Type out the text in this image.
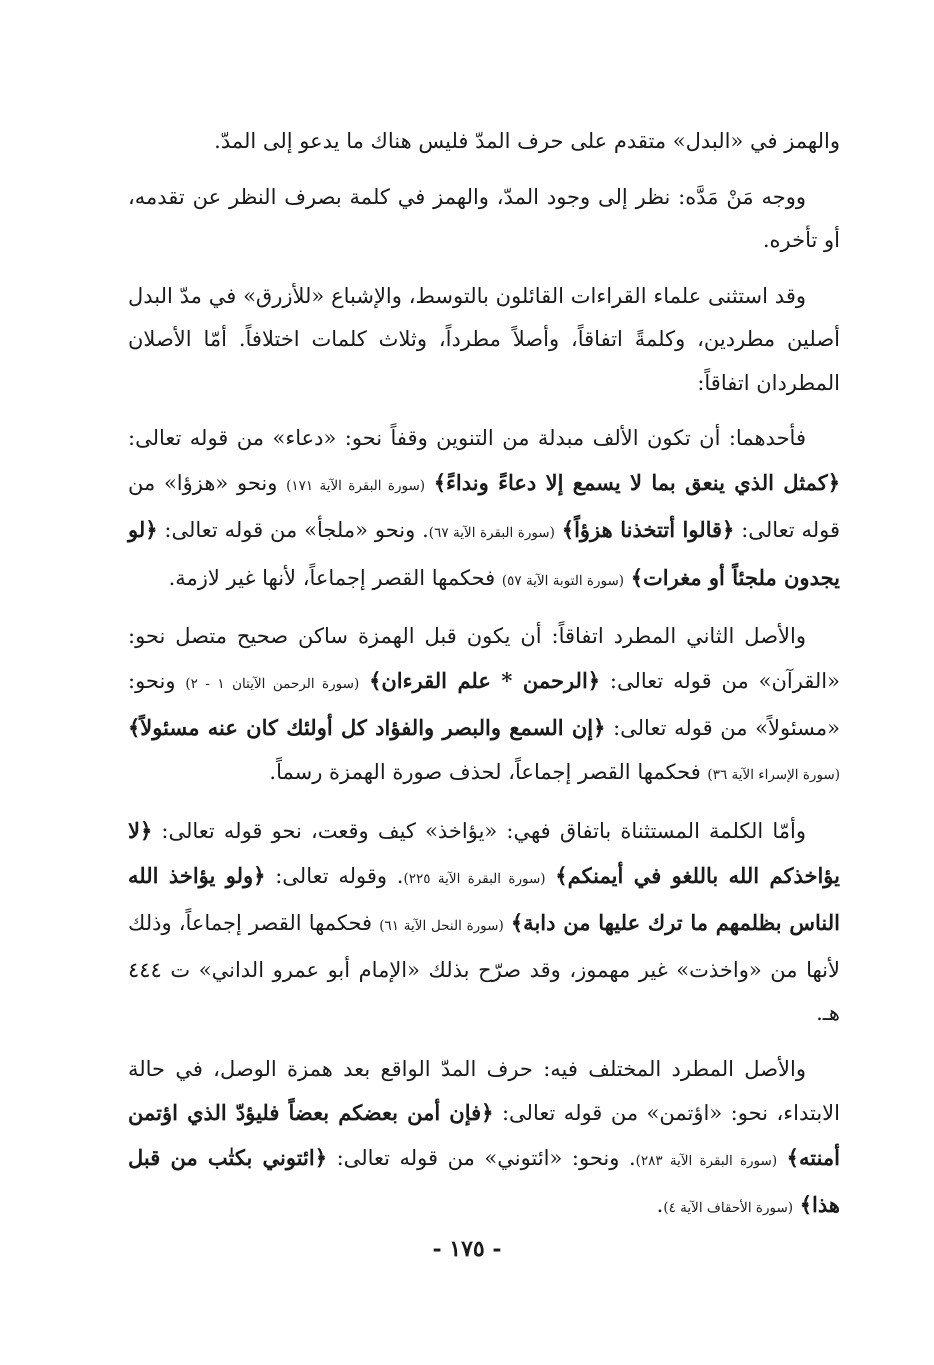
والهمز في «البدل» متقدم على حرف المدّ فليس هناك ما يدعو إلى المدّ.

ووجه مَنْ مَدَّه: نظر إلى وجود المدّ، والهمز في كلمة بصرف النظر عن تقدمه، أو تأخره.

وقد استثنى علماء القراءات القائلون بالتوسط، والإشباع «للأزرق» في مدّ البدل أصلين مطردين، وكلمةً اتفاقاً، وأصلاً مطرداً، وثلاث كلمات اختلافاً. أمّا الأصلان المطردان اتفاقاً:

فأحدهما: أن تكون الألف مبدلة من التنوين وقفاً نحو: «دعاء» من قوله تعالى: ﴿كمثل الذي ينعق بما لا يسمع إلا دعاءً ونداءً﴾ (سورة البقرة الآية ١٧١) ونحو «هزؤا» من قوله تعالى: ﴿قالوا أتتخذنا هزؤاً﴾ (سورة البقرة الآية ٦٧). ونحو «ملجأ» من قوله تعالى: ﴿لو يجدون ملجئاً أو مغرات﴾ (سورة التوبة الآية ٥٧) فحكمها القصر إجماعاً، لأنها غير لازمة.

والأصل الثاني المطرد اتفاقاً: أن يكون قبل الهمزة ساكن صحيح متصل نحو: «القرآن» من قوله تعالى: ﴿الرحمن * علم القرءان﴾ (سورة الرحمن الآيتان ١ - ٢) ونحو: «مسئولاً» من قوله تعالى: ﴿إن السمع والبصر والفؤاد كل أولئك كان عنه مسئولاً﴾ (سورة الإسراء الآية ٣٦) فحكمها القصر إجماعاً، لحذف صورة الهمزة رسماً.

وأمّا الكلمة المستثناة باتفاق فهي: «يؤاخذ» كيف وقعت، نحو قوله تعالى: ﴿لا يؤاخذكم الله باللغو في أيمنكم﴾ (سورة البقرة الآية ٢٢٥). وقوله تعالى: ﴿ولو يؤاخذ الله الناس بظلمهم ما ترك عليها من دابة﴾ (سورة النحل الآية ٦١) فحكمها القصر إجماعاً، وذلك لأنها من «واخذت» غير مهموز، وقد صرّح بذلك «الإمام أبو عمرو الداني» ت ٤٤٤ هـ.

والأصل المطرد المختلف فيه: حرف المدّ الواقع بعد همزة الوصل، في حالة الابتداء، نحو: «اؤتمن» من قوله تعالى: ﴿فإن أمن بعضكم بعضاً فليؤدّ الذي اؤتمن أمنته﴾ (سورة البقرة الآية ٢٨٣). ونحو: «ائتوني» من قوله تعالى: ﴿ائتوني بكتٰب من قبل هذا﴾ (سورة الأحقاف الآية ٤).

- ١٧٥ -
